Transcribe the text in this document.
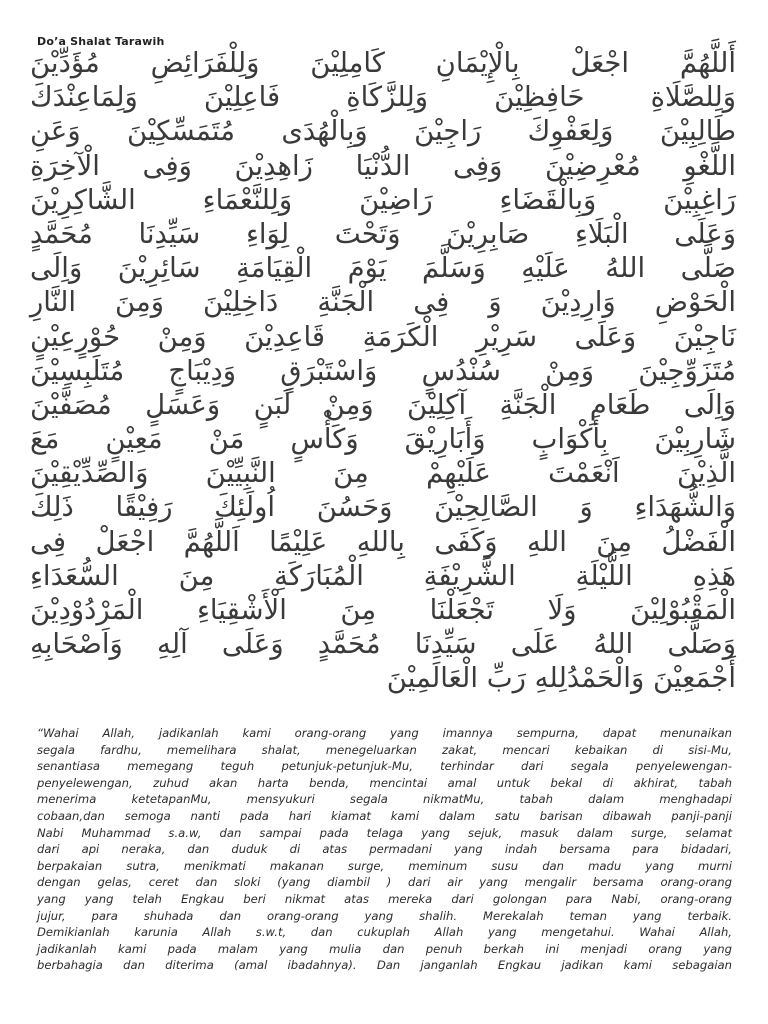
Do’a Shalat Tarawih
أَللَّهُمَّ اجْعَلْ بِالْإِيْمَانِ كَامِلِيْنَ وَلِلْفَرَائِضِ مُؤَدِّيْنَ
وَلِلصَّلَاةِ حَافِظِيْنَ وَلِلزَّكَاةِ فَاعِلِيْنَ وَلِمَاعِنْدَكَ
طَالِبِيْنَ وَلِعَفْوِكَ رَاجِيْنَ وَبِالْهُدَى مُتَمَسِّكِيْنَ وَعَنِ
اللَّغْوِ مُعْرِضِيْنَ وَفِى الدُّنْيَا زَاهِدِيْنَ وَفِى الْآخِرَةِ
رَاغِبِيْنَ وَبِالْقَضَاءِ رَاضِيْنَ وَلِلنَّعْمَاءِ الشَّاكِرِيْنَ
وَعَلَى الْبَلَاءِ صَابِرِيْنَ وَتَحْتَ لِوَاءِ سَيِّدِنَا مُحَمَّدٍ
صَلَّى اللهُ عَلَيْهِ وَسَلَّمَ يَوْمَ الْقِيَامَةِ سَائِرِيْنَ وَاِلَى
الْحَوْضِ وَارِدِيْنَ وَ فِى الْجَنَّةِ دَاخِلِيْنَ وَمِنَ النَّارِ
نَاجِيْنَ وَعَلَى سَرِيْرِ الْكَرَمَةِ قَاعِدِيْنَ وَمِنْ حُوْرٍعِيْنٍ
مُتَزَوِّجِيْنَ وَمِنْ سُنْدُسٍ وَاسْتَبْرَقٍ وَدِيْبَاجٍ مُتَلَبِسِيْنَ
وَاِلَى طَعَامِ الْجَنَّةِ آكِلِيْنَ وَمِنْ لَبَنٍ وَعَسَلٍ مُصَفَّيْنَ
شَارِبِيْنَ بِأَكْوَابٍ وَأَبَارِيْقَ وَكَأْسٍ مَنْ مَعِيْنٍ مَعَ
الَّذِيْنَ اَنْعَمْتَ عَلَيْهِمْ مِنَ النَّبِيِّيْنَ وَالصِّدِّيْقِيْنَ
وَالشُّهَدَاءِ وَ الصَّالِحِيْنَ وَحَسُنَ اُولَئِكَ رَفِيْقًا ذَلِكَ
الْفَضْلُ مِنَ اللهِ وَكَفَى بِاللهِ عَلِيْمًا اَللَّهُمَّ اجْعَلْ فِى
هَذِهِ اللَّيْلَةِ الشَّرِيْفَةِ الْمُبَارَكَةِ مِنَ السُّعَدَاءِ
الْمَقْبُوْلِيْنَ وَلَا تَجْعَلْنَا مِنَ الْأَشْقِيَاءِ الْمَرْدُوْدِيْنَ
وَصَلَّى اللهُ عَلَى سَيِّدِنَا مُحَمَّدٍ وَعَلَى آلِهِ وَاَصْحَابِهِ
أَجْمَعِيْنَ وَالْحَمْدُلِلهِ رَبِّ الْعَالَمِيْنَ
“Wahai Allah, jadikanlah kami orang-orang yang imannya sempurna, dapat menunaikan
segala fardhu, memelihara shalat, menegeluarkan zakat, mencari kebaikan di sisi-Mu,
senantiasa memegang teguh petunjuk-petunjuk-Mu, terhindar dari segala penyelewengan-
penyelewengan, zuhud akan harta benda, mencintai amal untuk bekal di akhirat, tabah
menerima ketetapanMu, mensyukuri segala nikmatMu, tabah dalam menghadapi
cobaan,dan semoga nanti pada hari kiamat kami dalam satu barisan dibawah panji-panji
Nabi Muhammad s.a.w, dan sampai pada telaga yang sejuk, masuk dalam surge, selamat
dari api neraka, dan duduk di atas permadani yang indah bersama para bidadari,
berpakaian sutra, menikmati makanan surge, meminum susu dan madu yang murni
dengan gelas, ceret dan sloki (yang diambil ) dari air yang mengalir bersama orang-orang
yang yang telah Engkau beri nikmat atas mereka dari golongan para Nabi, orang-orang
jujur, para shuhada dan orang-orang yang shalih. Merekalah teman yang terbaik.
Demikianlah karunia Allah s.w.t, dan cukuplah Allah yang mengetahui. Wahai Allah,
jadikanlah kami pada malam yang mulia dan penuh berkah ini menjadi orang yang
berbahagia dan diterima (amal ibadahnya). Dan janganlah Engkau jadikan kami sebagaian
